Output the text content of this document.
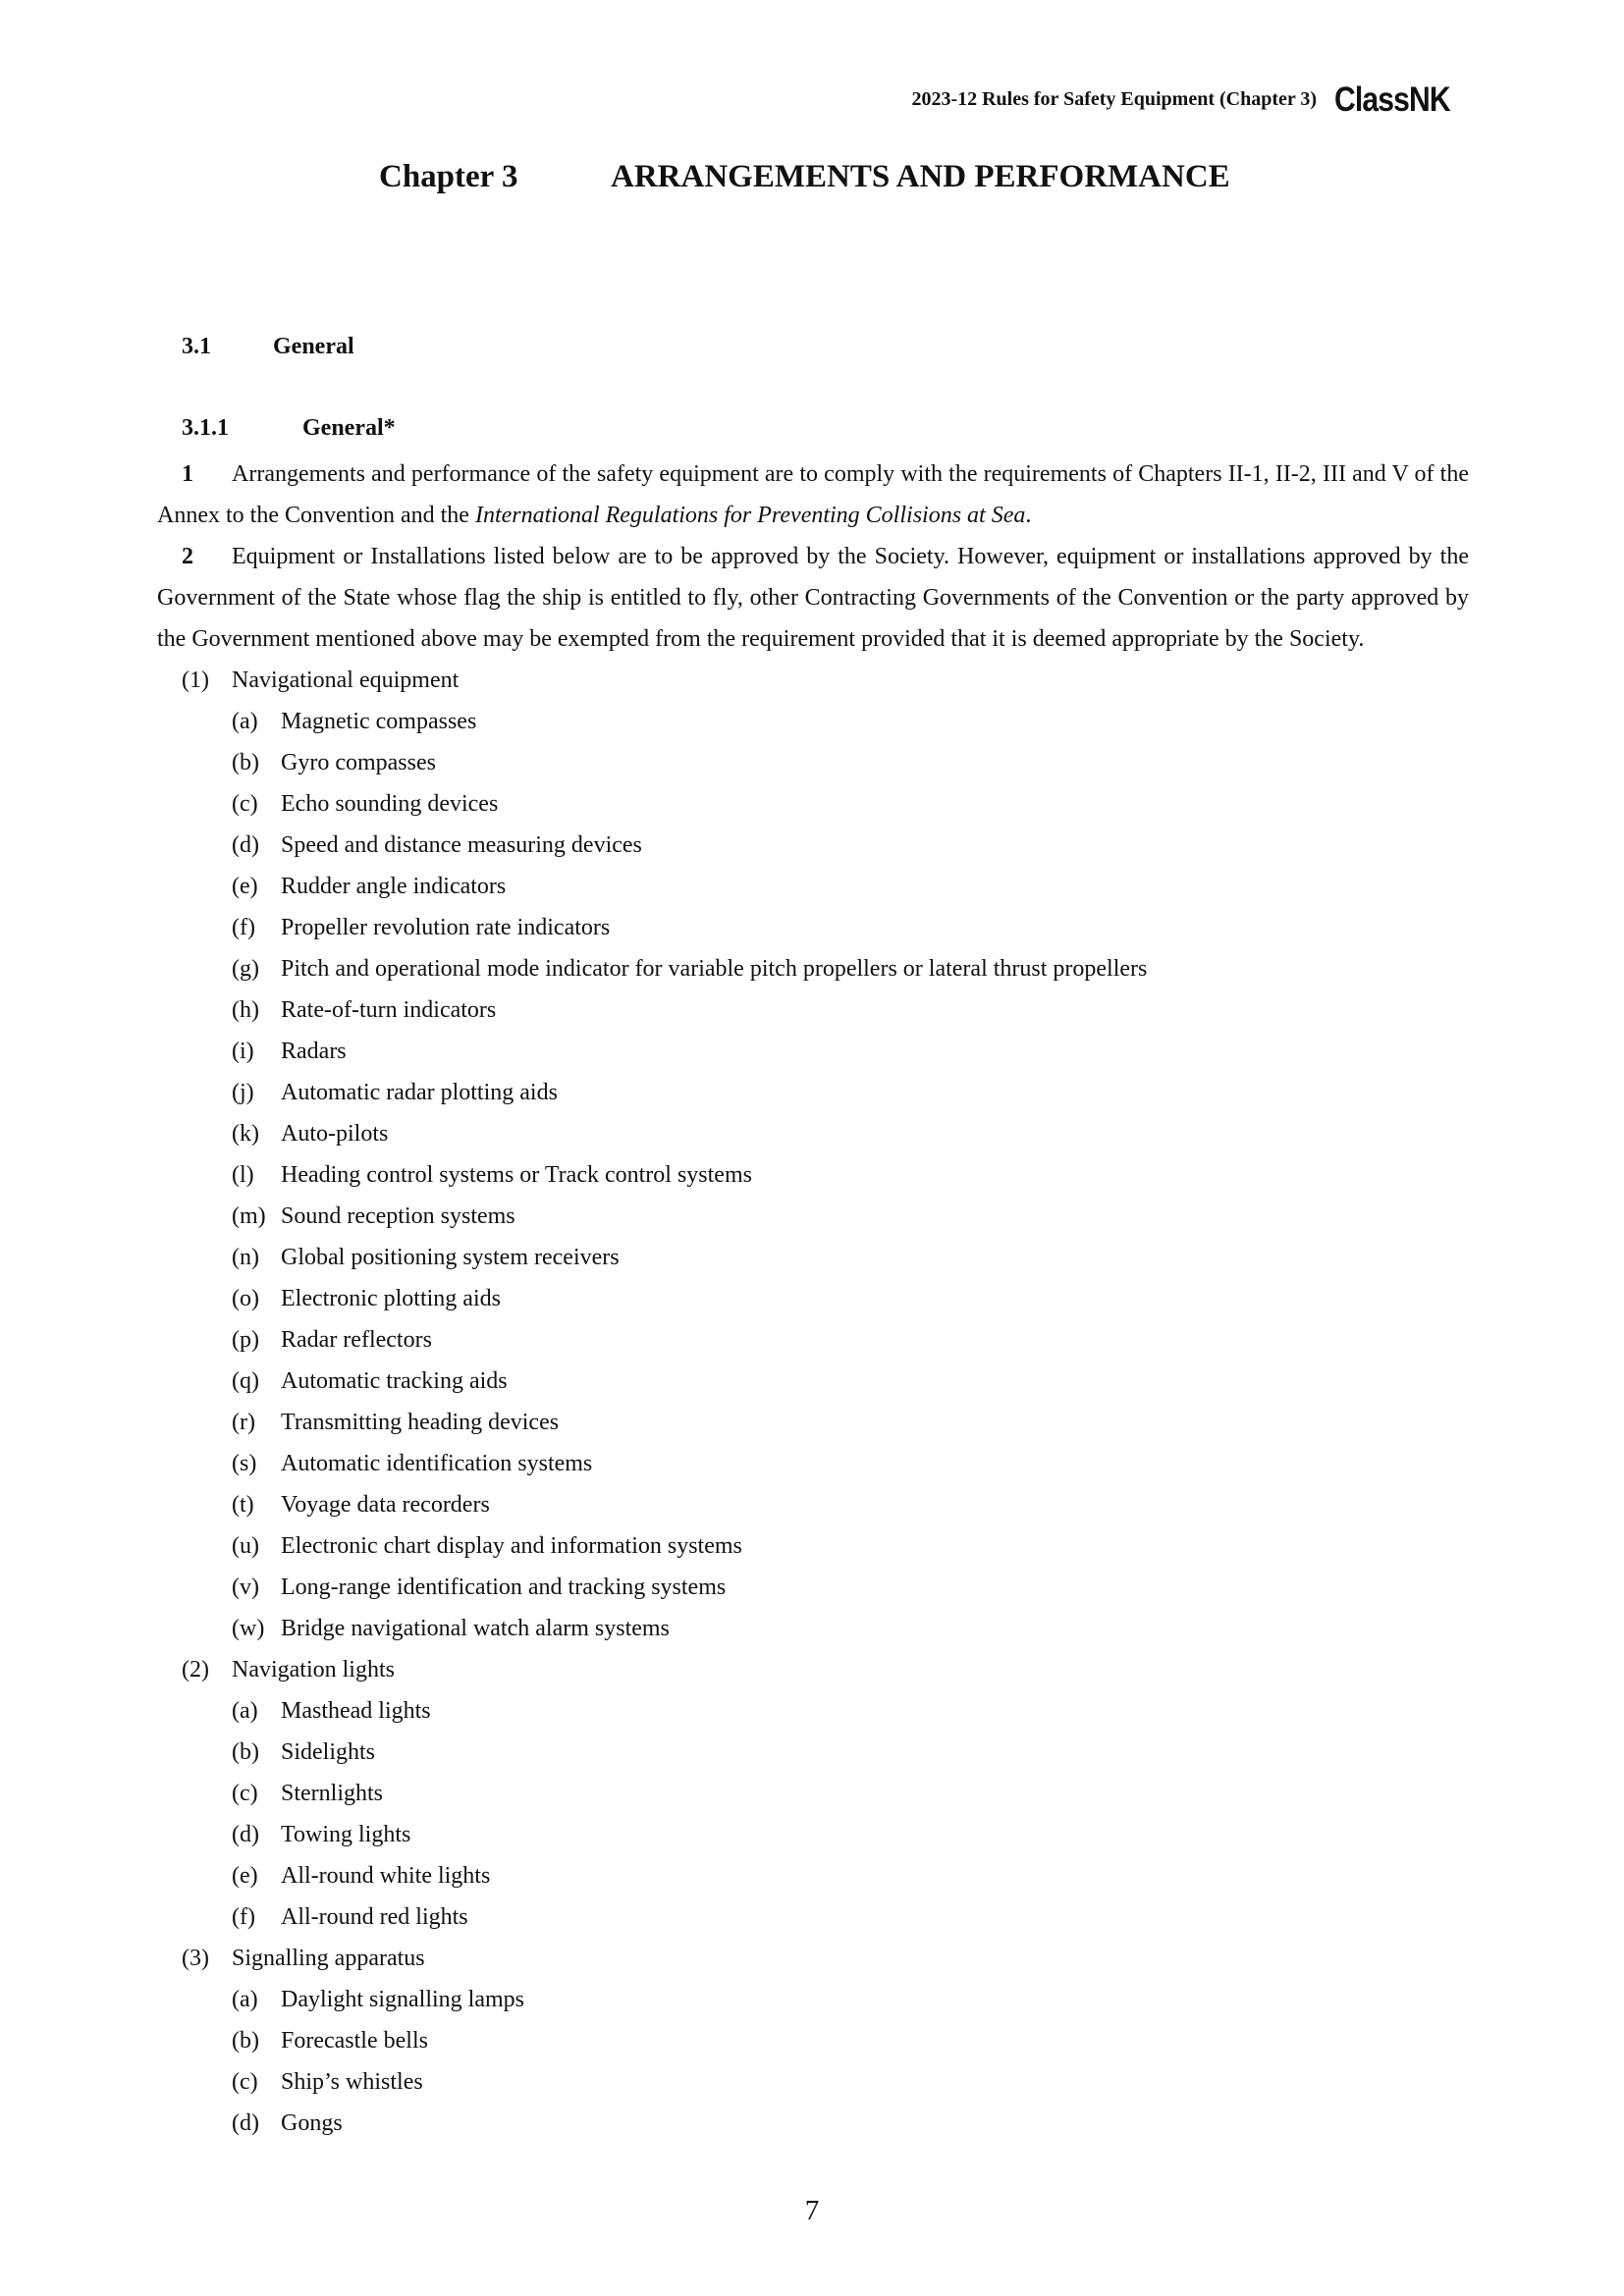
2023-12 Rules for Safety Equipment (Chapter 3) ClassNK
Chapter 3	ARRANGEMENTS AND PERFORMANCE
3.1	General
3.1.1	General*
1 Arrangements and performance of the safety equipment are to comply with the requirements of Chapters II-1, II-2, III and V of the Annex to the Convention and the International Regulations for Preventing Collisions at Sea.
2 Equipment or Installations listed below are to be approved by the Society. However, equipment or installations approved by the Government of the State whose flag the ship is entitled to fly, other Contracting Governments of the Convention or the party approved by the Government mentioned above may be exempted from the requirement provided that it is deemed appropriate by the Society.
(1) Navigational equipment
(a) Magnetic compasses
(b) Gyro compasses
(c) Echo sounding devices
(d) Speed and distance measuring devices
(e) Rudder angle indicators
(f) Propeller revolution rate indicators
(g) Pitch and operational mode indicator for variable pitch propellers or lateral thrust propellers
(h) Rate-of-turn indicators
(i) Radars
(j) Automatic radar plotting aids
(k) Auto-pilots
(l) Heading control systems or Track control systems
(m) Sound reception systems
(n) Global positioning system receivers
(o) Electronic plotting aids
(p) Radar reflectors
(q) Automatic tracking aids
(r) Transmitting heading devices
(s) Automatic identification systems
(t) Voyage data recorders
(u) Electronic chart display and information systems
(v) Long-range identification and tracking systems
(w) Bridge navigational watch alarm systems
(2) Navigation lights
(a) Masthead lights
(b) Sidelights
(c) Sternlights
(d) Towing lights
(e) All-round white lights
(f) All-round red lights
(3) Signalling apparatus
(a) Daylight signalling lamps
(b) Forecastle bells
(c) Ship’s whistles
(d) Gongs
7
